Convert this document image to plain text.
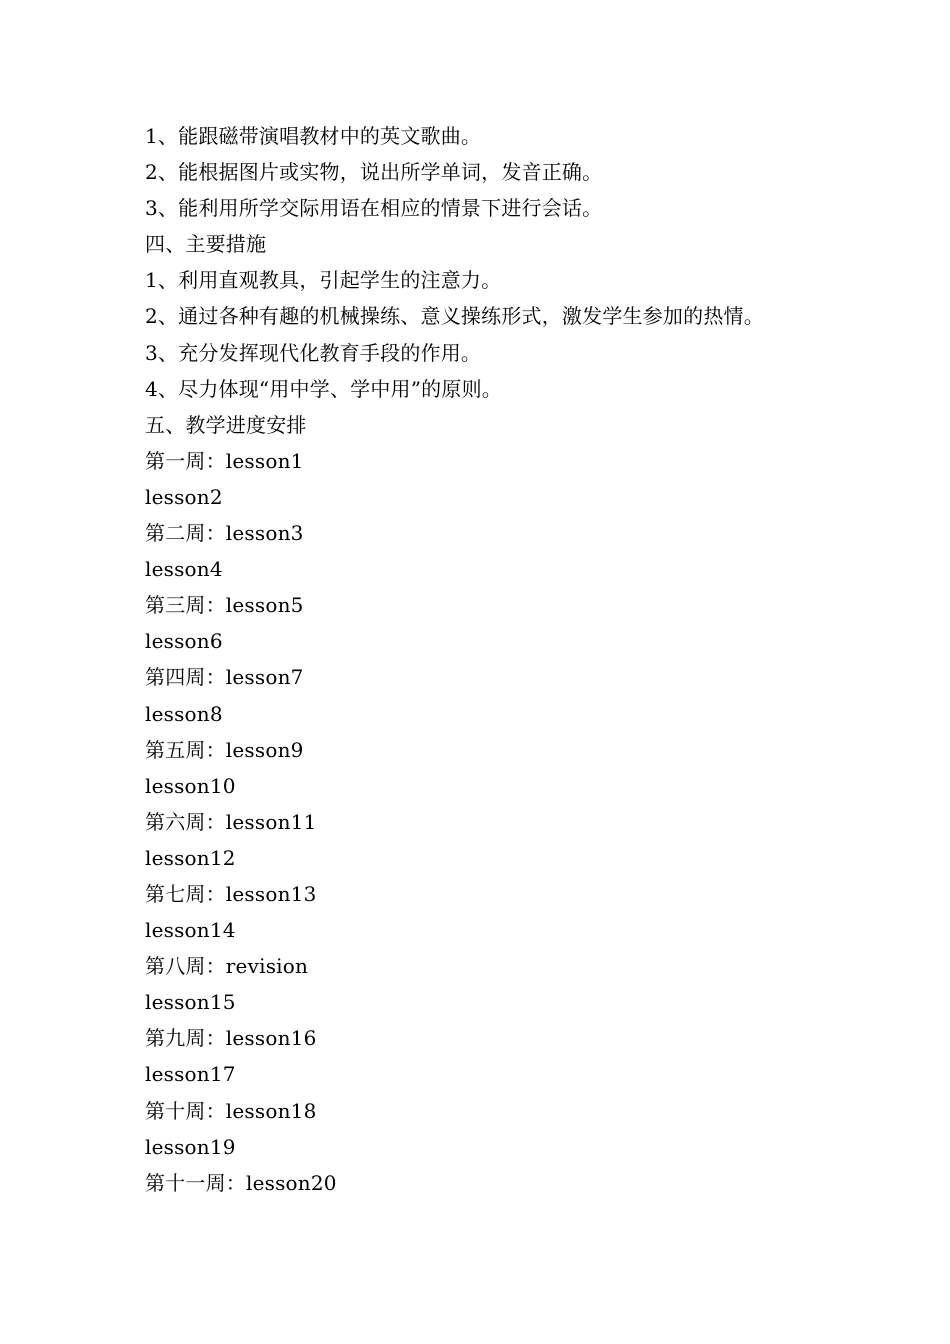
1、能跟磁带演唱教材中的英文歌曲。
2、能根据图片或实物，说出所学单词，发音正确。
3、能利用所学交际用语在相应的情景下进行会话。
四、主要措施
1、利用直观教具，引起学生的注意力。
2、通过各种有趣的机械操练、意义操练形式，激发学生参加的热情。
3、充分发挥现代化教育手段的作用。
4、尽力体现“用中学、学中用”的原则。
五、教学进度安排
第一周：lesson1
lesson2
第二周：lesson3
lesson4
第三周：lesson5
lesson6
第四周：lesson7
lesson8
第五周：lesson9
lesson10
第六周：lesson11
lesson12
第七周：lesson13
lesson14
第八周：revision
lesson15
第九周：lesson16
lesson17
第十周：lesson18
lesson19
第十一周：lesson20
